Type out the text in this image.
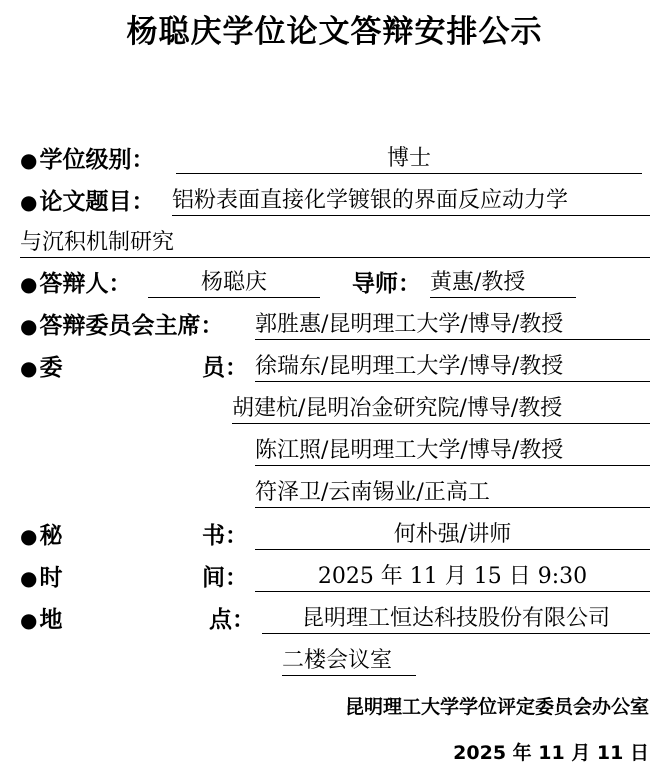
杨聪庆学位论文答辩安排公示
●学位级别：	博士
●论文题目： 铝粉表面直接化学镀银的界面反应动力学
与沉积机制研究
●答辩人：	杨聪庆	导师： 黄惠/教授
●答辩委员会主席： 郭胜惠/昆明理工大学/博导/教授
●委	员： 徐瑞东/昆明理工大学/博导/教授
胡建杭/昆明冶金研究院/博导/教授
陈江照/昆明理工大学/博导/教授
符泽卫/云南锡业/正高工
●秘	书：	何朴强/讲师
●时	间：	2025 年 11 月 15 日 9:30
●地	点：	昆明理工恒达科技股份有限公司
二楼会议室
昆明理工大学学位评定委员会办公室
2025 年 11 月 11 日
